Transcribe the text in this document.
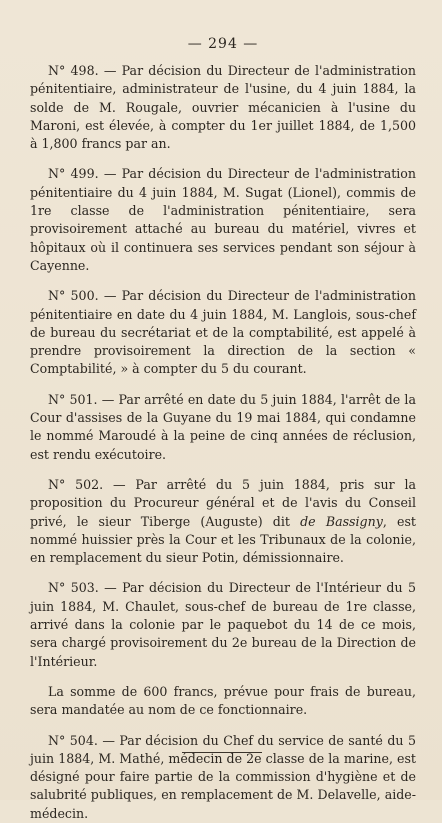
— 294 —

N° 498. — Par décision du Directeur de l'administration pénitentiaire, administrateur de l'usine, du 4 juin 1884, la solde de M. Rougale, ouvrier mécanicien à l'usine du Maroni, est élevée, à compter du 1er juillet 1884, de 1,500 à 1,800 francs par an.

N° 499. — Par décision du Directeur de l'administration pénitentiaire du 4 juin 1884, M. Sugat (Lionel), commis de 1re classe de l'administration pénitentiaire, sera provisoirement attaché au bureau du matériel, vivres et hôpitaux où il continuera ses services pendant son séjour à Cayenne.

N° 500. — Par décision du Directeur de l'administration pénitentiaire en date du 4 juin 1884, M. Langlois, sous-chef de bureau du secrétariat et de la comptabilité, est appelé à prendre provisoirement la direction de la section « Comptabilité, » à compter du 5 du courant.

N° 501. — Par arrêté en date du 5 juin 1884, l'arrêt de la Cour d'assises de la Guyane du 19 mai 1884, qui condamne le nommé Maroudé à la peine de cinq années de réclusion, est rendu exécutoire.

N° 502. — Par arrêté du 5 juin 1884, pris sur la proposition du Procureur général et de l'avis du Conseil privé, le sieur Tiberge (Auguste) dit de Bassigny, est nommé huissier près la Cour et les Tribunaux de la colonie, en remplacement du sieur Potin, démissionnaire.

N° 503. — Par décision du Directeur de l'Intérieur du 5 juin 1884, M. Chaulet, sous-chef de bureau de 1re classe, arrivé dans la colonie par le paquebot du 14 de ce mois, sera chargé provisoirement du 2e bureau de la Direction de l'Intérieur.

La somme de 600 francs, prévue pour frais de bureau, sera mandatée au nom de ce fonctionnaire.

N° 504. — Par décision du Chef du service de santé du 5 juin 1884, M. Mathé, médecin de 2e classe de la marine, est désigné pour faire partie de la commission d'hygiène et de salubrité publiques, en remplacement de M. Delavelle, aide-médecin.
